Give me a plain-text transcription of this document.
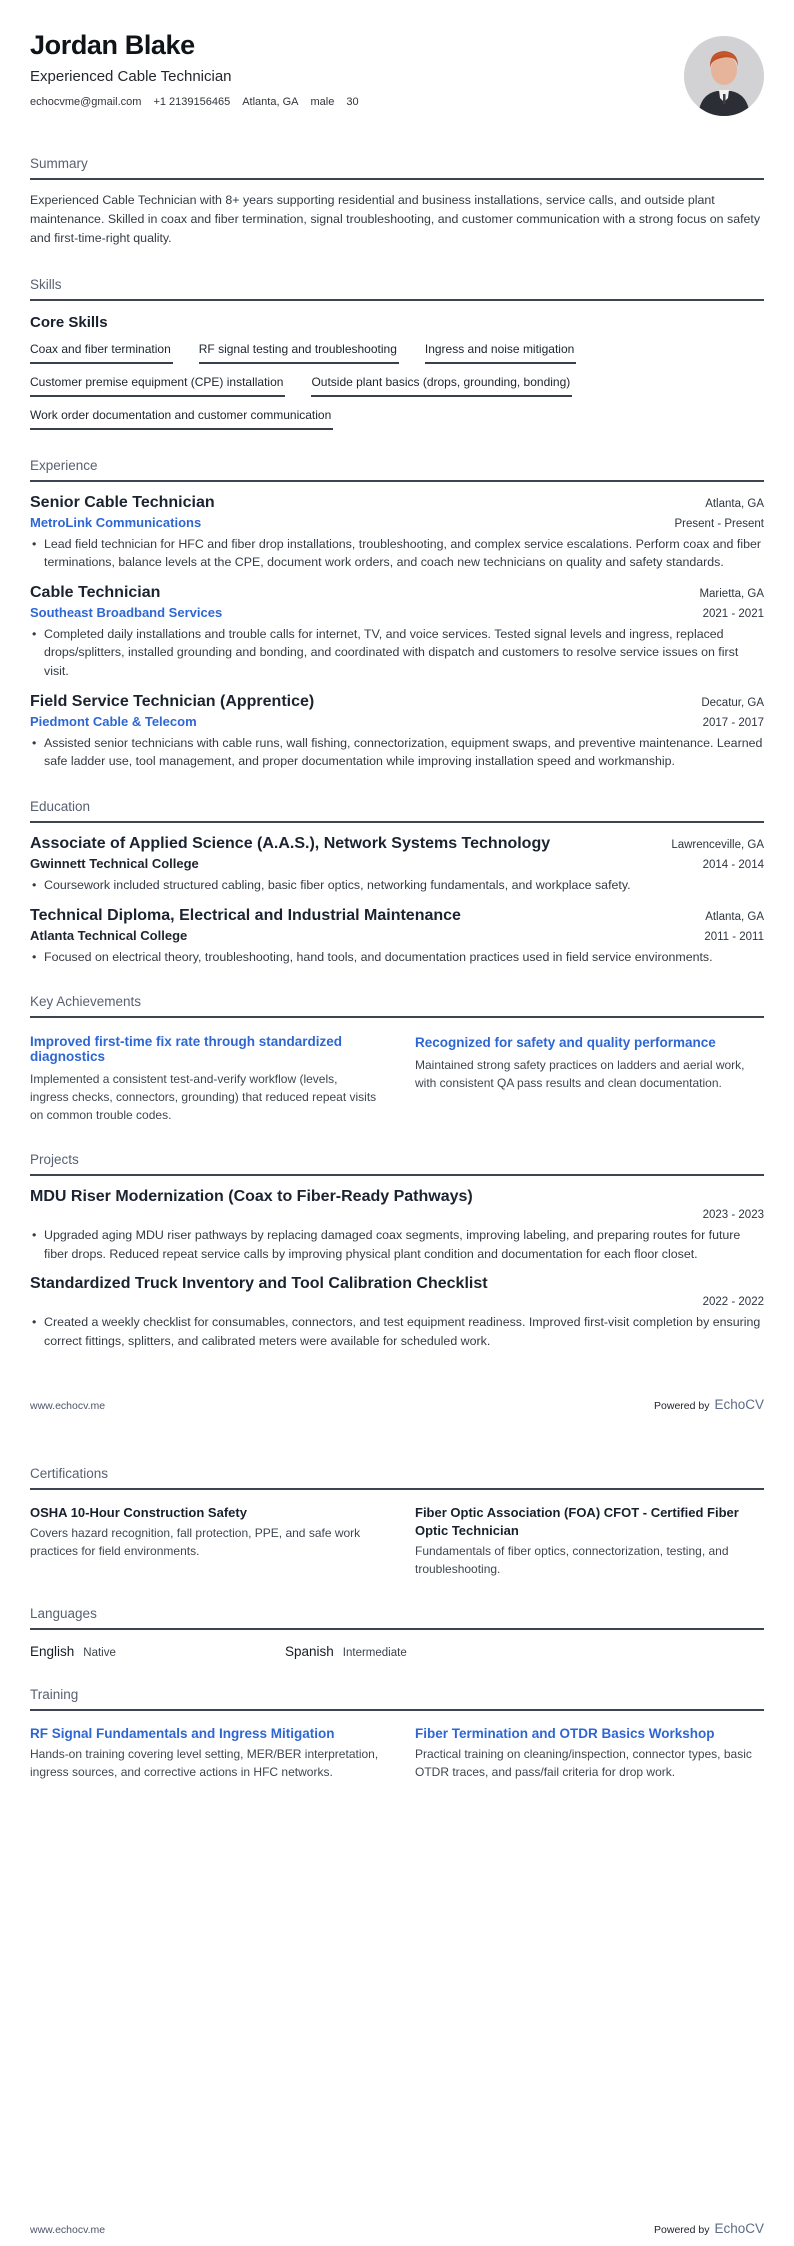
Jordan Blake
Experienced Cable Technician
echocvme@gmail.com +1 2139156465 Atlanta, GA male 30
Summary
Experienced Cable Technician with 8+ years supporting residential and business installations, service calls, and outside plant maintenance. Skilled in coax and fiber termination, signal troubleshooting, and customer communication with a strong focus on safety and first-time-right quality.
Skills
Core Skills
Coax and fiber termination RF signal testing and troubleshooting Ingress and noise mitigation
Customer premise equipment (CPE) installation Outside plant basics (drops, grounding, bonding)
Work order documentation and customer communication
Experience
Senior Cable Technician	Atlanta, GA
MetroLink Communications	Present - Present
• Lead field technician for HFC and fiber drop installations, troubleshooting, and complex service escalations. Perform coax and fiber terminations, balance levels at the CPE, document work orders, and coach new technicians on quality and safety standards.
Cable Technician	Marietta, GA
Southeast Broadband Services	2021 - 2021
• Completed daily installations and trouble calls for internet, TV, and voice services. Tested signal levels and ingress, replaced drops/splitters, installed grounding and bonding, and coordinated with dispatch and customers to resolve service issues on first visit.
Field Service Technician (Apprentice)	Decatur, GA
Piedmont Cable & Telecom	2017 - 2017
• Assisted senior technicians with cable runs, wall fishing, connectorization, equipment swaps, and preventive maintenance. Learned safe ladder use, tool management, and proper documentation while improving installation speed and workmanship.
Education
Associate of Applied Science (A.A.S.), Network Systems Technology	Lawrenceville, GA
Gwinnett Technical College	2014 - 2014
• Coursework included structured cabling, basic fiber optics, networking fundamentals, and workplace safety.
Technical Diploma, Electrical and Industrial Maintenance	Atlanta, GA
Atlanta Technical College	2011 - 2011
• Focused on electrical theory, troubleshooting, hand tools, and documentation practices used in field service environments.
Key Achievements
Improved first-time fix rate through standardized diagnostics
Implemented a consistent test-and-verify workflow (levels, ingress checks, connectors, grounding) that reduced repeat visits on common trouble codes.
Recognized for safety and quality performance
Maintained strong safety practices on ladders and aerial work, with consistent QA pass results and clean documentation.
Projects
MDU Riser Modernization (Coax to Fiber-Ready Pathways)
2023 - 2023
• Upgraded aging MDU riser pathways by replacing damaged coax segments, improving labeling, and preparing routes for future fiber drops. Reduced repeat service calls by improving physical plant condition and documentation for each floor closet.
Standardized Truck Inventory and Tool Calibration Checklist
2022 - 2022
• Created a weekly checklist for consumables, connectors, and test equipment readiness. Improved first-visit completion by ensuring correct fittings, splitters, and calibrated meters were available for scheduled work.
www.echocv.me	Powered by EchoCV
Certifications
OSHA 10-Hour Construction Safety
Covers hazard recognition, fall protection, PPE, and safe work practices for field environments.
Fiber Optic Association (FOA) CFOT - Certified Fiber Optic Technician
Fundamentals of fiber optics, connectorization, testing, and troubleshooting.
Languages
English Native	Spanish Intermediate
Training
RF Signal Fundamentals and Ingress Mitigation
Hands-on training covering level setting, MER/BER interpretation, ingress sources, and corrective actions in HFC networks.
Fiber Termination and OTDR Basics Workshop
Practical training on cleaning/inspection, connector types, basic OTDR traces, and pass/fail criteria for drop work.
www.echocv.me	Powered by EchoCV
